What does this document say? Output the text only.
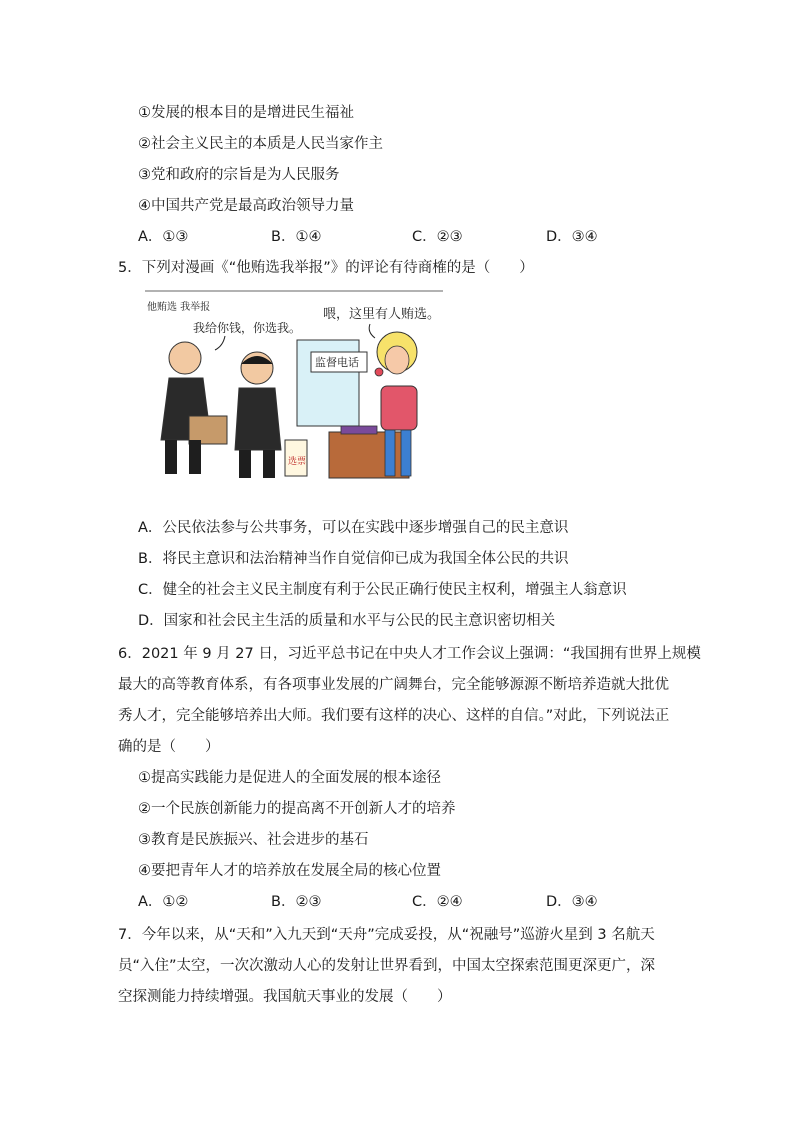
①发展的根本目的是增进民生福祉
②社会主义民主的本质是人民当家作主
③党和政府的宗旨是为人民服务
④中国共产党是最高政治领导力量
A．①③	B．①④	C．②③	D．③④
5．下列对漫画《“他贿选我举报”》的评论有待商榷的是（　　）
他贿选 我举报
我给你钱，你选我。
喂，这里有人贿选。
监督电话
选票
A．公民依法参与公共事务，可以在实践中逐步增强自己的民主意识
B．将民主意识和法治精神当作自觉信仰已成为我国全体公民的共识
C．健全的社会主义民主制度有利于公民正确行使民主权利，增强主人翁意识
D．国家和社会民主生活的质量和水平与公民的民主意识密切相关
6．2021 年 9 月 27 日，习近平总书记在中央人才工作会议上强调：“我国拥有世界上规模
最大的高等教育体系，有各项事业发展的广阔舞台，完全能够源源不断培养造就大批优
秀人才，完全能够培养出大师。我们要有这样的决心、这样的自信。”对此，下列说法正
确的是（　　）
①提高实践能力是促进人的全面发展的根本途径
②一个民族创新能力的提高离不开创新人才的培养
③教育是民族振兴、社会进步的基石
④要把青年人才的培养放在发展全局的核心位置
A．①②	B．②③	C．②④	D．③④
7．今年以来，从“天和”入九天到“天舟”完成妥投，从“祝融号”巡游火星到 3 名航天
员“入住”太空，一次次激动人心的发射让世界看到，中国太空探索范围更深更广，深
空探测能力持续增强。我国航天事业的发展（　　）
